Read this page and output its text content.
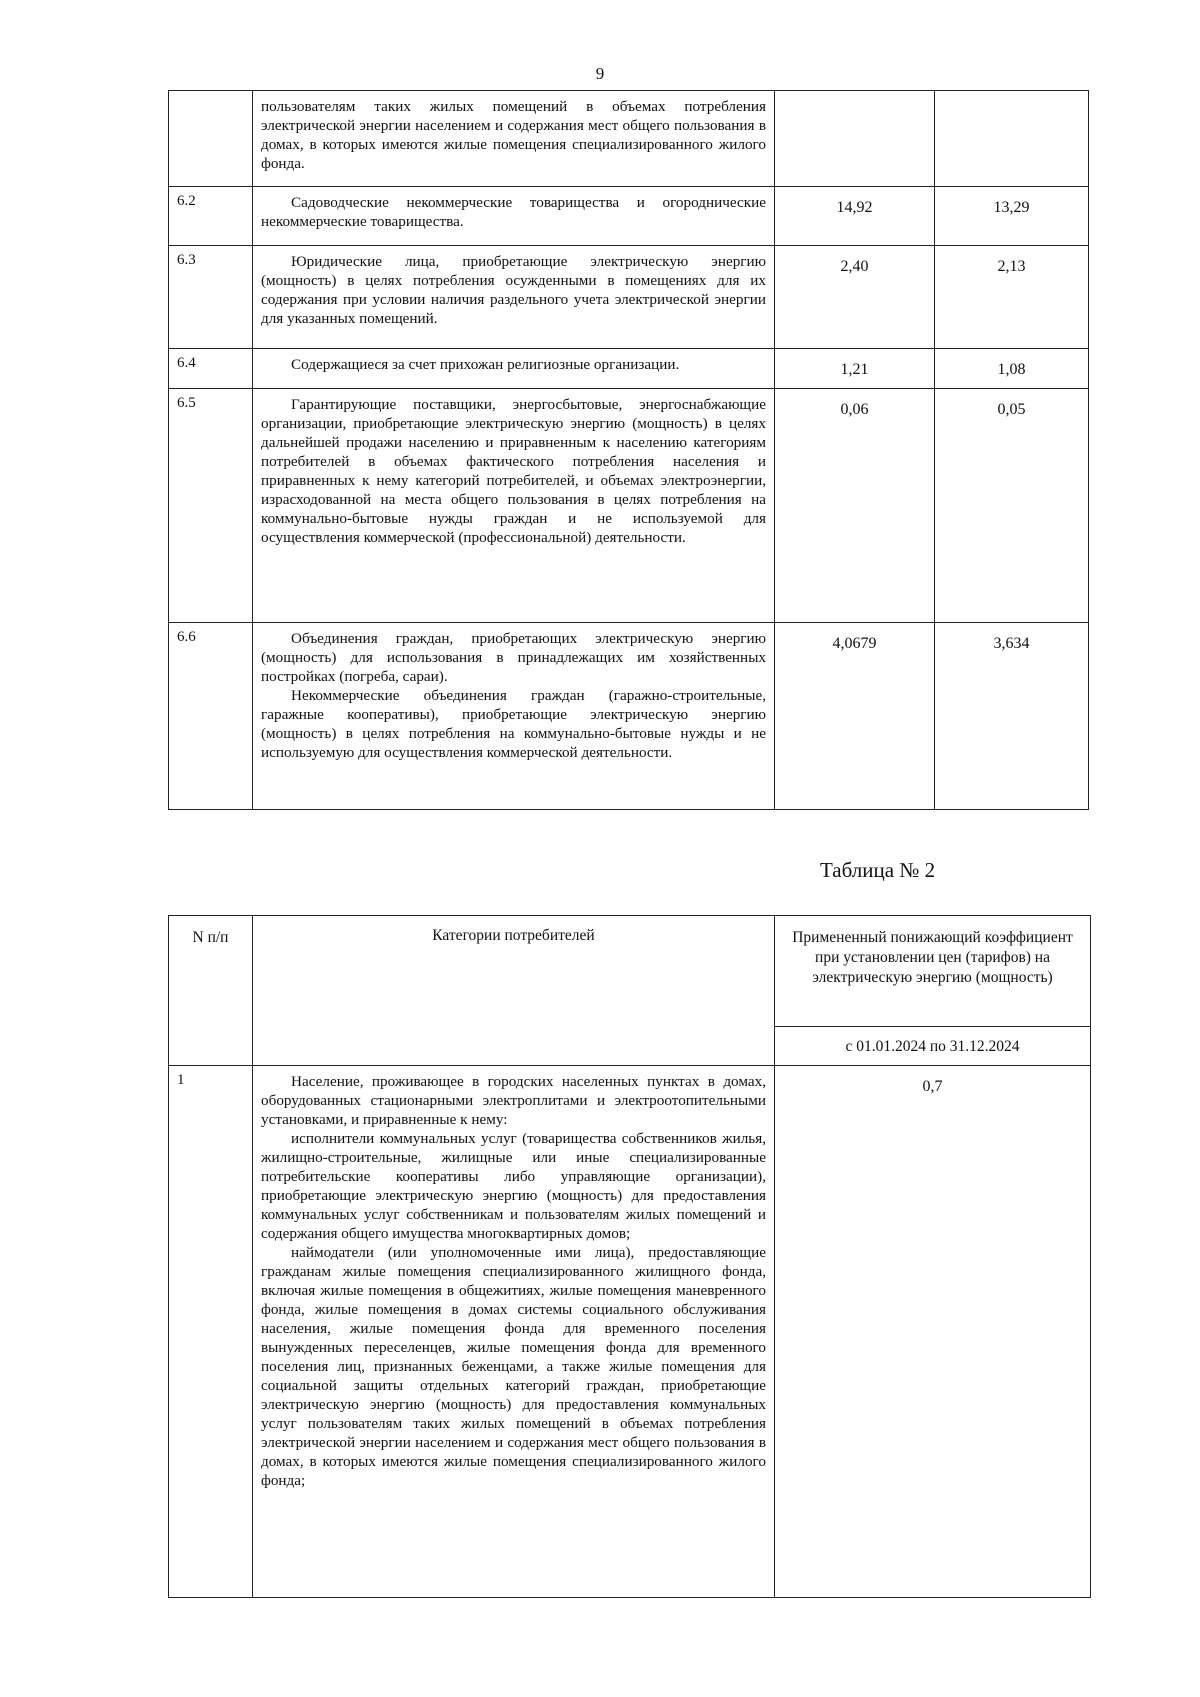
9

	пользователям таких жилых помещений в объемах потребления электрической энергии населением и содержания мест общего пользования в домах, в которых имеются жилые помещения специализированного жилого фонда.		

6.2	Садоводческие некоммерческие товарищества и огороднические некоммерческие товарищества.	14,92	13,29
6.3	Юридические лица, приобретающие электрическую энергию (мощность) в целях потребления осужденными в помещениях для их содержания при условии наличия раздельного учета электрической энергии для указанных помещений.	2,40	2,13
6.4	Содержащиеся за счет прихожан религиозные организации.	1,21	1,08
6.5	Гарантирующие поставщики, энергосбытовые, энергоснабжающие организации, приобретающие электрическую энергию (мощность) в целях дальнейшей продажи населению и приравненным к населению категориям потребителей в объемах фактического потребления населения и приравненных к нему категорий потребителей, и объемах электроэнергии, израсходованной на места общего пользования в целях потребления на коммунально-бытовые нужды граждан и не используемой для осуществления коммерческой (профессиональной) деятельности.	0,06	0,05
6.6	Объединения граждан, приобретающих электрическую энергию (мощность) для использования в принадлежащих им хозяйственных постройках (погреба, сараи).

Некоммерческие объединения граждан (гаражно-строительные, гаражные кооперативы), приобретающие электрическую энергию (мощность) в целях потребления на коммунально-бытовые нужды и не используемую для осуществления коммерческой деятельности.	4,0679	3,634
Таблица № 2
N п/п	Категории потребителей	Примененный понижающий коэффициент при установлении цен (тарифов) на электрическую энергию (мощность)
		с 01.01.2024 по 31.12.2024
1	Население, проживающее в городских населенных пунктах в домах, оборудованных стационарными электроплитами и электроотопительными установками, и приравненные к нему:

исполнители коммунальных услуг (товарищества собственников жилья, жилищно-строительные, жилищные или иные специализированные потребительские кооперативы либо управляющие организации), приобретающие электрическую энергию (мощность) для предоставления коммунальных услуг собственникам и пользователям жилых помещений и содержания общего имущества многоквартирных домов;

наймодатели (или уполномоченные ими лица), предоставляющие гражданам жилые помещения специализированного жилищного фонда, включая жилые помещения в общежитиях, жилые помещения маневренного фонда, жилые помещения в домах системы социального обслуживания населения, жилые помещения фонда для временного поселения вынужденных переселенцев, жилые помещения фонда для временного поселения лиц, признанных беженцами, а также жилые помещения для социальной защиты отдельных категорий граждан, приобретающие электрическую энергию (мощность) для предоставления коммунальных услуг пользователям таких жилых помещений в объемах потребления электрической энергии населением и содержания мест общего пользования в домах, в которых имеются жилые помещения специализированного жилого фонда;	0,7
